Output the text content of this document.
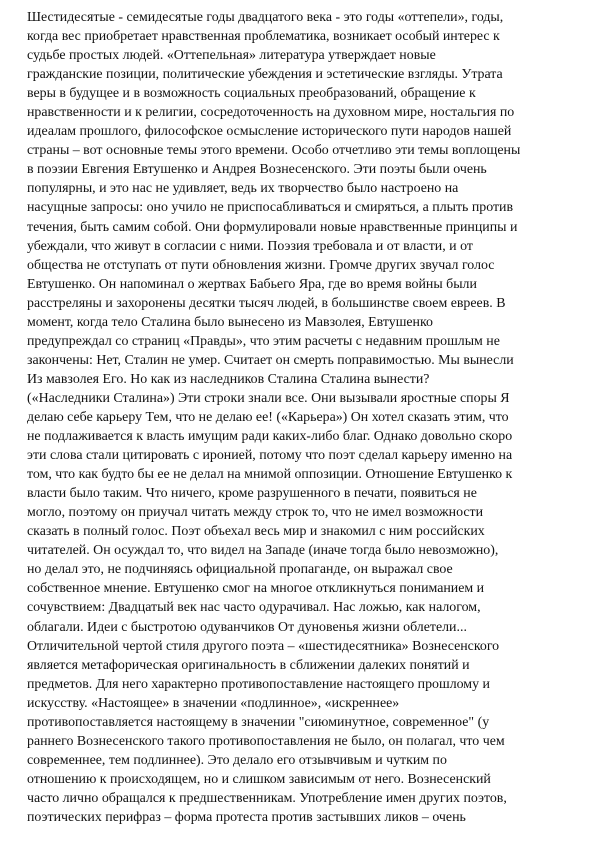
Шестидесятые - семидесятые годы двадцатого века - это годы «оттепели», годы,
когда вес приобретает нравственная проблематика, возникает особый интерес к
судьбе простых людей. «Оттепельная» литература утверждает новые
гражданские позиции, политические убеждения и эстетические взгляды. Утрата
веры в будущее и в возможность социальных преобразований, обращение к
нравственности и к религии, сосредоточенность на духовном мире, ностальгия по
идеалам прошлого, философское осмысление исторического пути народов нашей
страны – вот основные темы этого времени. Особо отчетливо эти темы воплощены
в поэзии Евгения Евтушенко и Андрея Вознесенского. Эти поэты были очень
популярны, и это нас не удивляет, ведь их творчество было настроено на
насущные запросы: оно учило не приспосабливаться и смиряться, а плыть против
течения, быть самим собой. Они формулировали новые нравственные принципы и
убеждали, что живут в согласии с ними. Поэзия требовала и от власти, и от
общества не отступать от пути обновления жизни. Громче других звучал голос
Евтушенко. Он напоминал о жертвах Бабьего Яра, где во время войны были
расстреляны и захоронены десятки тысяч людей, в большинстве своем евреев. В
момент, когда тело Сталина было вынесено из Мавзолея, Евтушенко
предупреждал со страниц «Правды», что этим расчеты с недавним прошлым не
закончены: Нет, Сталин не умер. Считает он смерть поправимостью. Мы вынесли
Из мавзолея Его. Но как из наследников Сталина Сталина вынести?
(«Наследники Сталина») Эти строки знали все. Они вызывали яростные споры Я
делаю себе карьеру Тем, что не делаю ее! («Карьера») Он хотел сказать этим, что
не подлаживается к власть имущим ради каких-либо благ. Однако довольно скоро
эти слова стали цитировать с иронией, потому что поэт сделал карьеру именно на
том, что как будто бы ее не делал на мнимой оппозиции. Отношение Евтушенко к
власти было таким. Что ничего, кроме разрушенного в печати, появиться не
могло, поэтому он приучал читать между строк то, что не имел возможности
сказать в полный голос. Поэт объехал весь мир и знакомил с ним российских
читателей. Он осуждал то, что видел на Западе (иначе тогда было невозможно),
но делал это, не подчиняясь официальной пропаганде, он выражал свое
собственное мнение. Евтушенко смог на многое откликнуться пониманием и
сочувствием: Двадцатый век нас часто одурачивал. Нас ложью, как налогом,
облагали. Идеи с быстротою одуванчиков От дуновенья жизни облетели...
Отличительной чертой стиля другого поэта – «шестидесятника» Вознесенского
является метафорическая оригинальность в сближении далеких понятий и
предметов. Для него характерно противопоставление настоящего прошлому и
искусству. «Настоящее» в значении «подлинное», «искреннее»
противопоставляется настоящему в значении "сиюминутное, современное" (у
раннего Вознесенского такого противопоставления не было, он полагал, что чем
современнее, тем подлиннее). Это делало его отзывчивым и чутким по
отношению к происходящем, но и слишком зависимым от него. Вознесенский
часто лично обращался к предшественникам. Употребление имен других поэтов,
поэтических перифраз – форма протеста против застывших ликов – очень
